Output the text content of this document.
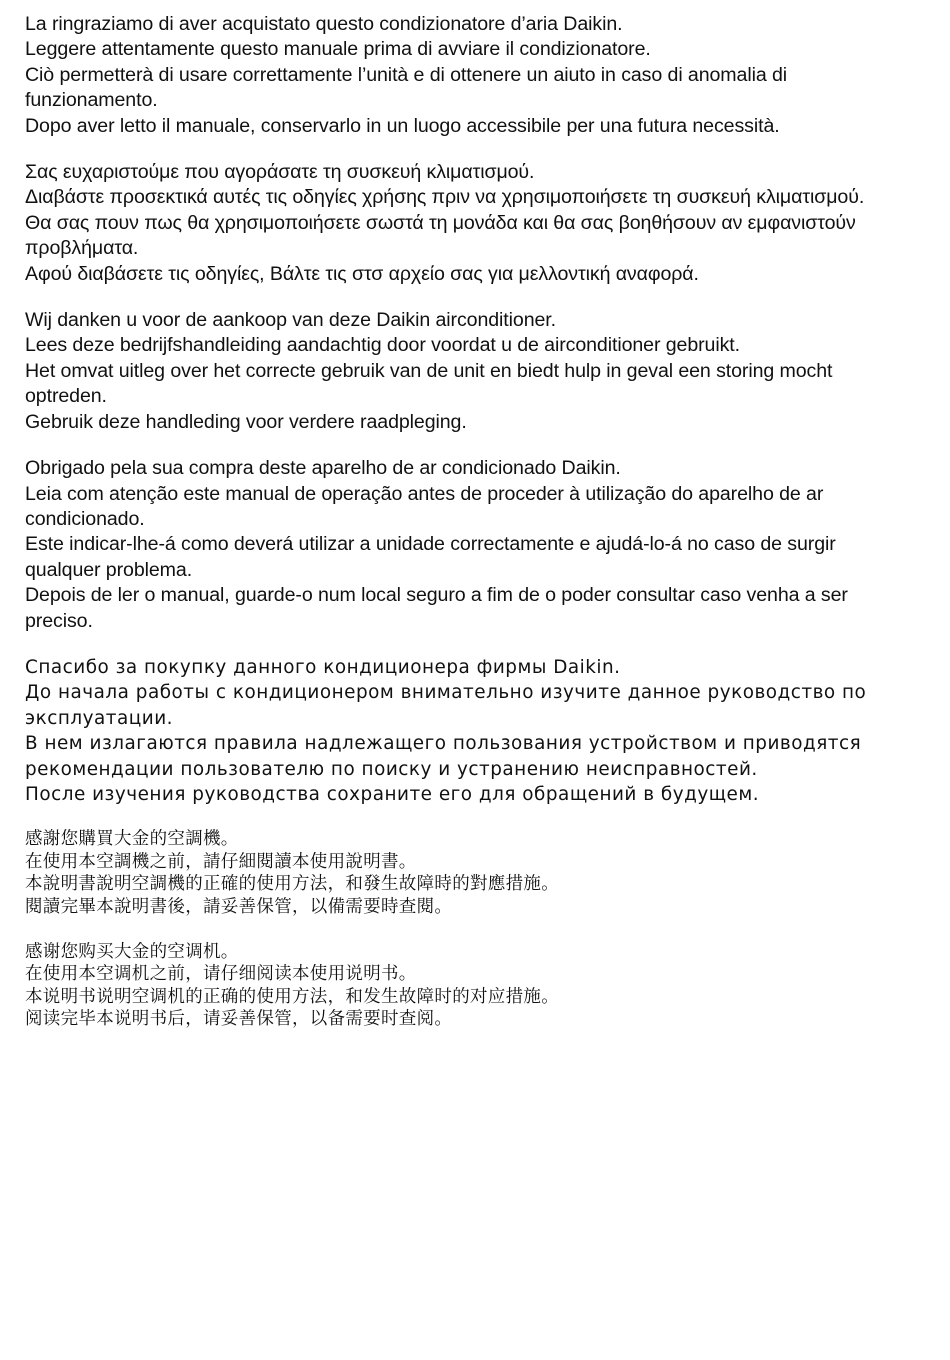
La ringraziamo di aver acquistato questo condizionatore d’aria Daikin.

Leggere attentamente questo manuale prima di avviare il condizionatore.

Ciò permetterà di usare correttamente l’unità e di ottenere un aiuto in caso di anomalia di funzionamento.

Dopo aver letto il manuale, conservarlo in un luogo accessibile per una futura necessità.

Σας ευχαριστούμε που αγοράσατε τη συσκευή κλιματισμού.

Διαβάστε προσεκτικά αυτές τις οδηγίες χρήσης πριν να χρησιμοποιήσετε τη συσκευή κλιματισμού.

Θα σας πουν πως θα χρησιμοποιήσετε σωστά τη μονάδα και θα σας βοηθήσουν αν εμφανιστούν προβλήματα.

Αφού διαβάσετε τις οδηγίες, Βάλτε τις στσ αρχείο σας για μελλοντική αναφορά.

Wij danken u voor de aankoop van deze Daikin airconditioner.

Lees deze bedrijfshandleiding aandachtig door voordat u de airconditioner gebruikt.

Het omvat uitleg over het correcte gebruik van de unit en biedt hulp in geval een storing mocht optreden.

Gebruik deze handleding voor verdere raadpleging.

Obrigado pela sua compra deste aparelho de ar condicionado Daikin.

Leia com atenção este manual de operação antes de proceder à utilização do aparelho de ar condicionado.

Este indicar-lhe-á como deverá utilizar a unidade correctamente e ajudá-lo-á no caso de surgir qualquer problema.

Depois de ler o manual, guarde-o num local seguro a fim de o poder consultar caso venha a ser preciso.

Спасибо за покупку данного кондиционера фирмы Daikin.

До начала работы с кондиционером внимательно изучите данное руководство по эксплуатации.

В нем излагаются правила надлежащего пользования устройством и приводятся рекомендации пользователю по поиску и устранению неисправностей.

После изучения руководства сохраните его для обращений в будущем.

感謝您購買大金的空調機。

在使用本空調機之前，請仔細閱讀本使用說明書。

本說明書說明空調機的正確的使用方法，和發生故障時的對應措施。

閱讀完畢本說明書後，請妥善保管，以備需要時查閱。

感谢您购买大金的空调机。

在使用本空调机之前，请仔细阅读本使用说明书。

本说明书说明空调机的正确的使用方法，和发生故障时的对应措施。

阅读完毕本说明书后，请妥善保管，以备需要时查阅。
